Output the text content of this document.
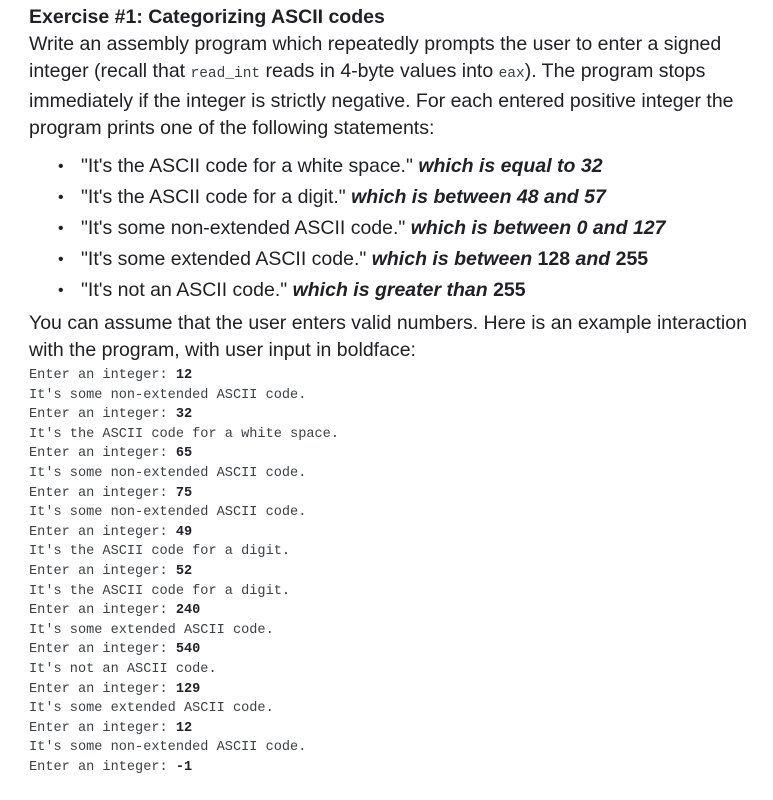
Exercise #1: Categorizing ASCII codes

Write an assembly program which repeatedly prompts the user to enter a signed integer (recall that read_int reads in 4-byte values into eax). The program stops immediately if the integer is strictly negative. For each entered positive integer the program prints one of the following statements:

• "It's the ASCII code for a white space." which is equal to 32
• "It's the ASCII code for a digit." which is between 48 and 57
• "It's some non-extended ASCII code." which is between 0 and 127
• "It's some extended ASCII code." which is between 128 and 255
• "It's not an ASCII code." which is greater than 255

You can assume that the user enters valid numbers. Here is an example interaction with the program, with user input in boldface:

Enter an integer: 12
It's some non-extended ASCII code.
Enter an integer: 32
It's the ASCII code for a white space.
Enter an integer: 65
It's some non-extended ASCII code.
Enter an integer: 75
It's some non-extended ASCII code.
Enter an integer: 49
It's the ASCII code for a digit.
Enter an integer: 52
It's the ASCII code for a digit.
Enter an integer: 240
It's some extended ASCII code.
Enter an integer: 540
It's not an ASCII code.
Enter an integer: 129
It's some extended ASCII code.
Enter an integer: 12
It's some non-extended ASCII code.
Enter an integer: -1
